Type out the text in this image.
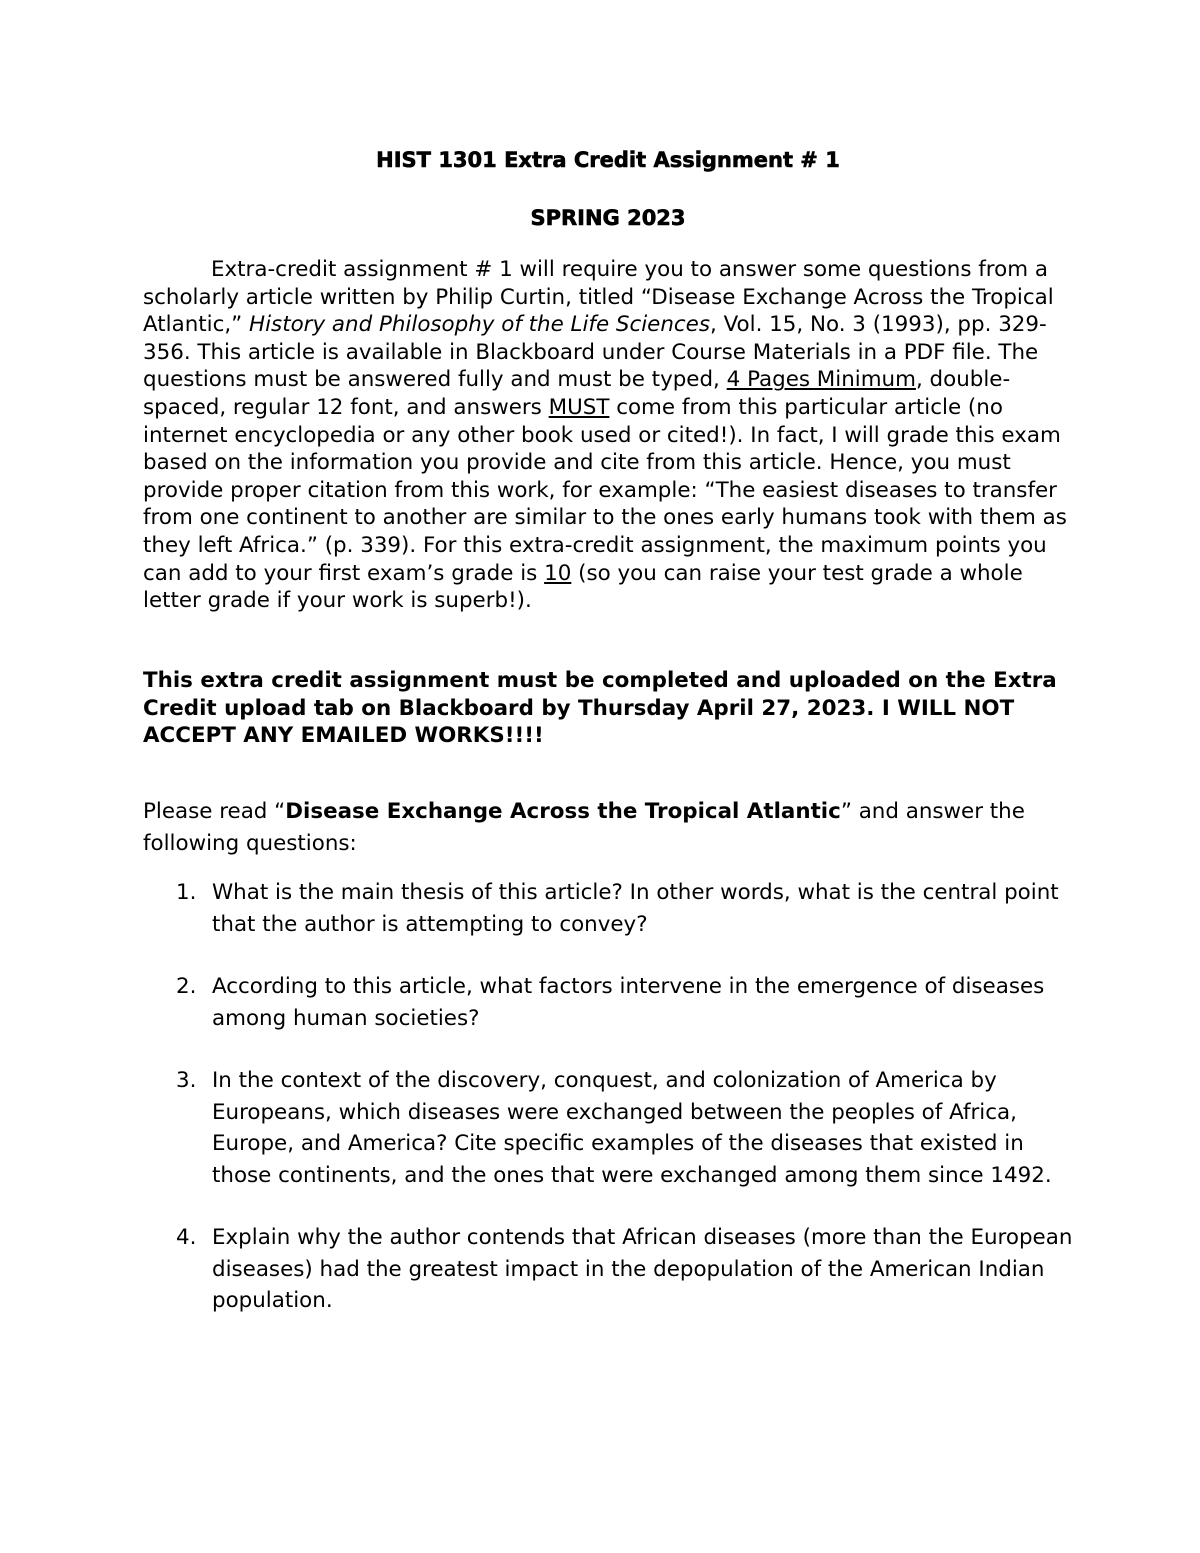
HIST 1301 Extra Credit Assignment # 1
SPRING 2023

Extra-credit assignment # 1 will require you to answer some questions from a scholarly article written by Philip Curtin, titled “Disease Exchange Across the Tropical Atlantic,” History and Philosophy of the Life Sciences, Vol. 15, No. 3 (1993), pp. 329-356. This article is available in Blackboard under Course Materials in a PDF file. The questions must be answered fully and must be typed, 4 Pages Minimum, double-spaced, regular 12 font, and answers MUST come from this particular article (no internet encyclopedia or any other book used or cited!). In fact, I will grade this exam based on the information you provide and cite from this article. Hence, you must provide proper citation from this work, for example: “The easiest diseases to transfer from one continent to another are similar to the ones early humans took with them as they left Africa.” (p. 339). For this extra-credit assignment, the maximum points you can add to your first exam’s grade is 10 (so you can raise your test grade a whole letter grade if your work is superb!).

This extra credit assignment must be completed and uploaded on the Extra Credit upload tab on Blackboard by Thursday April 27, 2023. I WILL NOT ACCEPT ANY EMAILED WORKS!!!!

Please read “Disease Exchange Across the Tropical Atlantic” and answer the following questions:

1. What is the main thesis of this article? In other words, what is the central point that the author is attempting to convey?
2. According to this article, what factors intervene in the emergence of diseases among human societies?
3. In the context of the discovery, conquest, and colonization of America by Europeans, which diseases were exchanged between the peoples of Africa, Europe, and America? Cite specific examples of the diseases that existed in those continents, and the ones that were exchanged among them since 1492.
4. Explain why the author contends that African diseases (more than the European diseases) had the greatest impact in the depopulation of the American Indian population.
